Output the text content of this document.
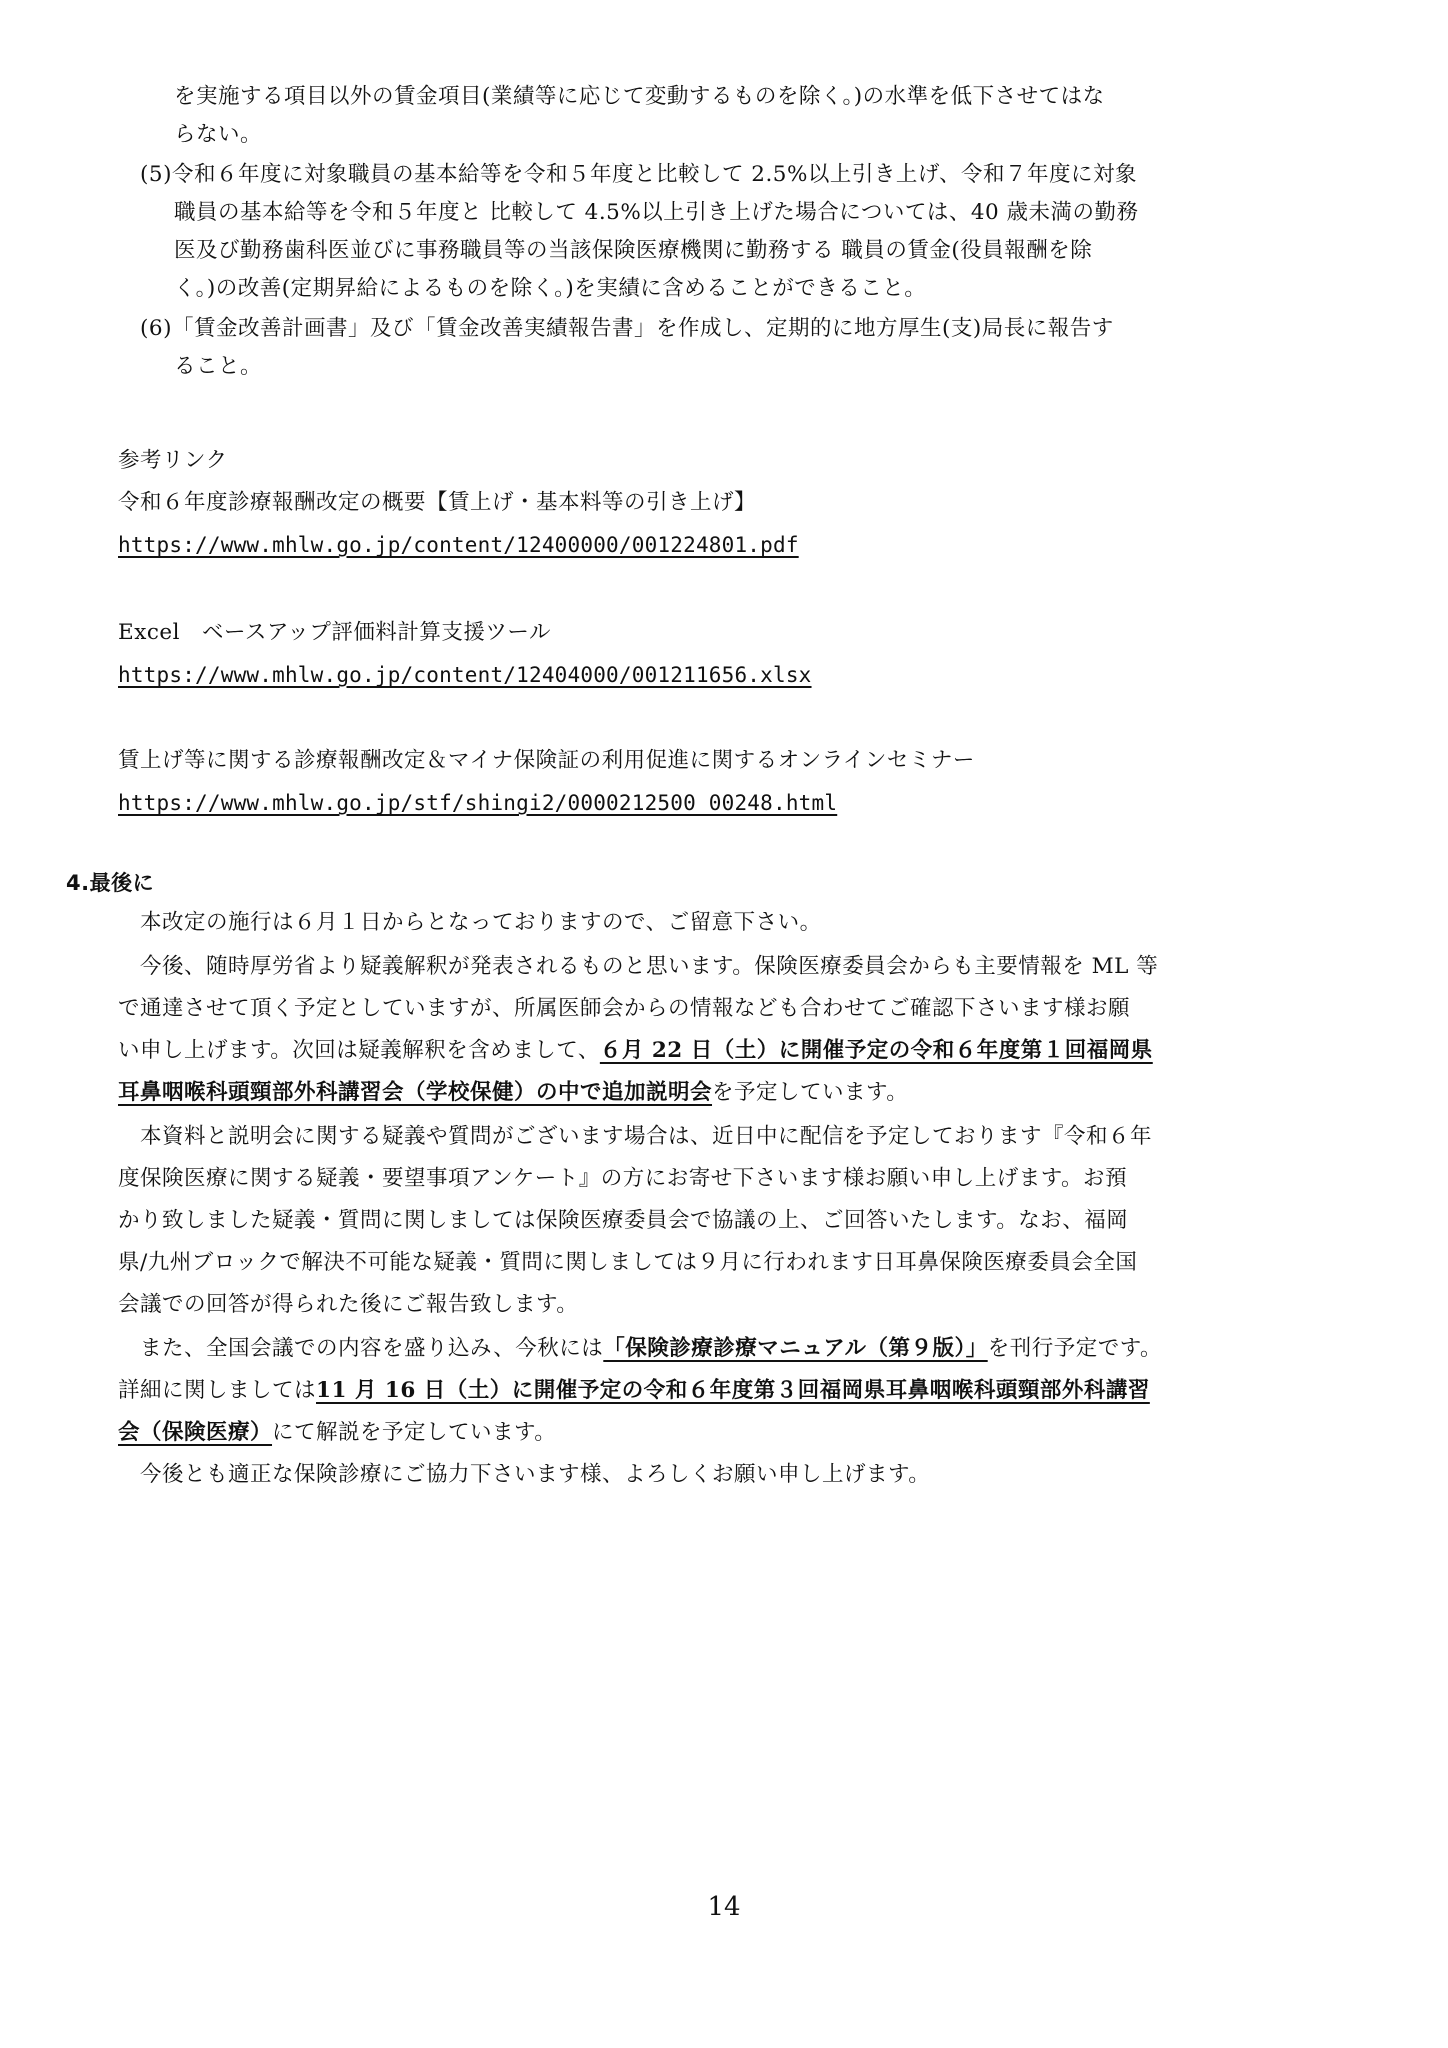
を実施する項目以外の賃金項目(業績等に応じて変動するものを除く。)の水準を低下させてはな
らない。
(5)令和６年度に対象職員の基本給等を令和５年度と比較して 2.5%以上引き上げ、令和７年度に対象
職員の基本給等を令和５年度と 比較して 4.5%以上引き上げた場合については、40 歳未満の勤務
医及び勤務歯科医並びに事務職員等の当該保険医療機関に勤務する 職員の賃金(役員報酬を除
く。)の改善(定期昇給によるものを除く。)を実績に含めることができること。
(6)「賃金改善計画書」及び「賃金改善実績報告書」を作成し、定期的に地方厚生(支)局長に報告す
ること。
参考リンク
令和６年度診療報酬改定の概要【賃上げ・基本料等の引き上げ】
https://www.mhlw.go.jp/content/12400000/001224801.pdf
Excel　ベースアップ評価料計算支援ツール
https://www.mhlw.go.jp/content/12404000/001211656.xlsx
賃上げ等に関する診療報酬改定＆マイナ保険証の利用促進に関するオンラインセミナー
https://www.mhlw.go.jp/stf/shingi2/0000212500_00248.html
4.最後に
本改定の施行は６月１日からとなっておりますので、ご留意下さい。
今後、随時厚労省より疑義解釈が発表されるものと思います。保険医療委員会からも主要情報を ML 等
で通達させて頂く予定としていますが、所属医師会からの情報なども合わせてご確認下さいます様お願
い申し上げます。次回は疑義解釈を含めまして、６月 22 日（土）に開催予定の令和６年度第１回福岡県
耳鼻咽喉科頭頸部外科講習会（学校保健）の中で追加説明会を予定しています。
本資料と説明会に関する疑義や質問がございます場合は、近日中に配信を予定しております『令和６年
度保険医療に関する疑義・要望事項アンケート』の方にお寄せ下さいます様お願い申し上げます。お預
かり致しました疑義・質問に関しましては保険医療委員会で協議の上、ご回答いたします。なお、福岡
県/九州ブロックで解決不可能な疑義・質問に関しましては９月に行われます日耳鼻保険医療委員会全国
会議での回答が得られた後にご報告致します。
また、全国会議での内容を盛り込み、今秋には「保険診療診療マニュアル（第９版）」を刊行予定です。
詳細に関しましては11 月 16 日（土）に開催予定の令和６年度第３回福岡県耳鼻咽喉科頭頸部外科講習
会（保険医療）にて解説を予定しています。
今後とも適正な保険診療にご協力下さいます様、よろしくお願い申し上げます。
14
